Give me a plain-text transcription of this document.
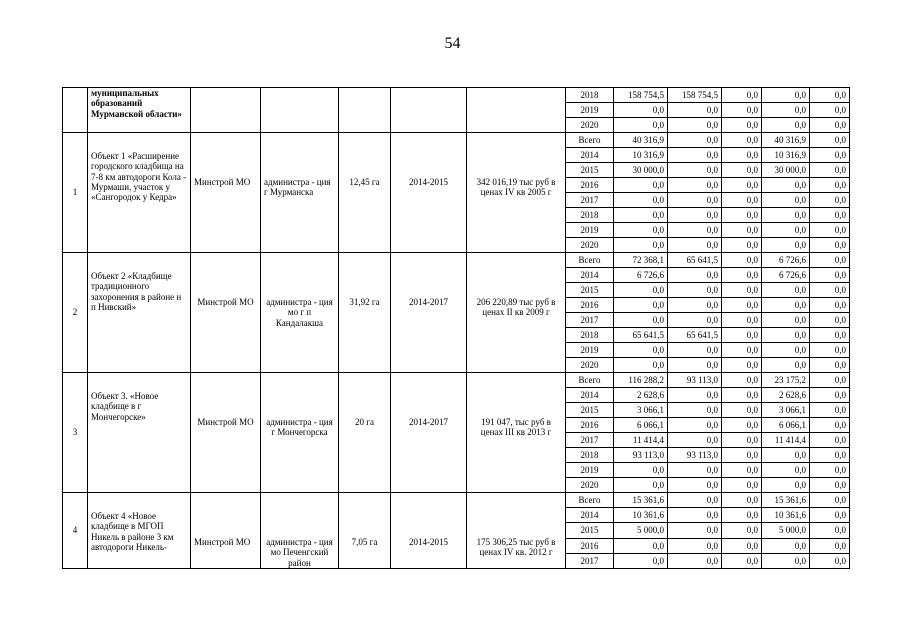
54
	муниципальных образований Мурманской области»						2018	158 754,5	158 754,5	0,0	0,0	0,0
							2019	0,0	0,0	0,0	0,0	0,0
							2020	0,0	0,0	0,0	0,0	0,0
1	Объект 1 «Расширение городского кладбища на 7-8 км автодороги Кола - Мурмаши, участок у «Сангородок у Кедра»	Минстрой МО	администра - ция г Мурманска	12,45 га	2014-2015	342 016,19 тыс руб в ценах IV кв 2005 г	Всего	40 316,9	0,0	0,0	40 316,9	0,0
							2014	10 316,9	0,0	0,0	10 316,9	0,0
							2015	30 000,0	0,0	0,0	30 000,0	0,0
							2016	0,0	0,0	0,0	0,0	0,0
							2017	0,0	0,0	0,0	0,0	0,0
							2018	0,0	0,0	0,0	0,0	0,0
							2019	0,0	0,0	0,0	0,0	0,0
							2020	0,0	0,0	0,0	0,0	0,0
2	Объект 2 «Кладбище традиционного захоронения в районе н п Нивский»	Минстрой МО	администра - ция мо г п Кандалакша	31,92 га	2014-2017	206 220,89 тыс руб в ценах II кв 2009 г	Всего	72 368,1	65 641,5	0,0	6 726,6	0,0
							2014	6 726,6	0,0	0,0	6 726,6	0,0
							2015	0,0	0,0	0,0	0,0	0,0
							2016	0,0	0,0	0,0	0,0	0,0
							2017	0,0	0,0	0,0	0,0	0,0
							2018	65 641,5	65 641,5	0,0	0,0	0,0
							2019	0,0	0,0	0,0	0,0	0,0
							2020	0,0	0,0	0,0	0,0	0,0
3	Объект 3. «Новое кладбище в г Мончегорске»	Минстрой МО	администра - ция г Мончегорска	20 га	2014-2017	191 047, тыс руб в ценах III кв 2013 г	Всего	116 288,2	93 113,0	0,0	23 175,2	0,0
							2014	2 628,6	0,0	0,0	2 628,6	0,0
							2015	3 066,1	0,0	0,0	3 066,1	0,0
							2016	6 066,1	0,0	0,0	6 066,1	0,0
							2017	11 414,4	0,0	0,0	11 414,4	0,0
							2018	93 113,0	93 113,0	0,0	0,0	0,0
							2019	0,0	0,0	0,0	0,0	0,0
							2020	0,0	0,0	0,0	0,0	0,0
4	Объект 4 «Новое кладбище в МГОП Никель в районе 3 км автодороги Никель-	Минстрой МО	администра - ция мо Печенгский район	7,05 га	2014-2015	175 306,25 тыс руб в ценах IV кв. 2012 г	Всего	15 361,6	0,0	0,0	15 361,6	0,0
							2014	10 361,6	0,0	0,0	10 361,6	0,0
							2015	5 000,0	0,0	0,0	5 000,0	0,0
							2016	0,0	0,0	0,0	0,0	0,0
							2017	0,0	0,0	0,0	0,0	0,0
